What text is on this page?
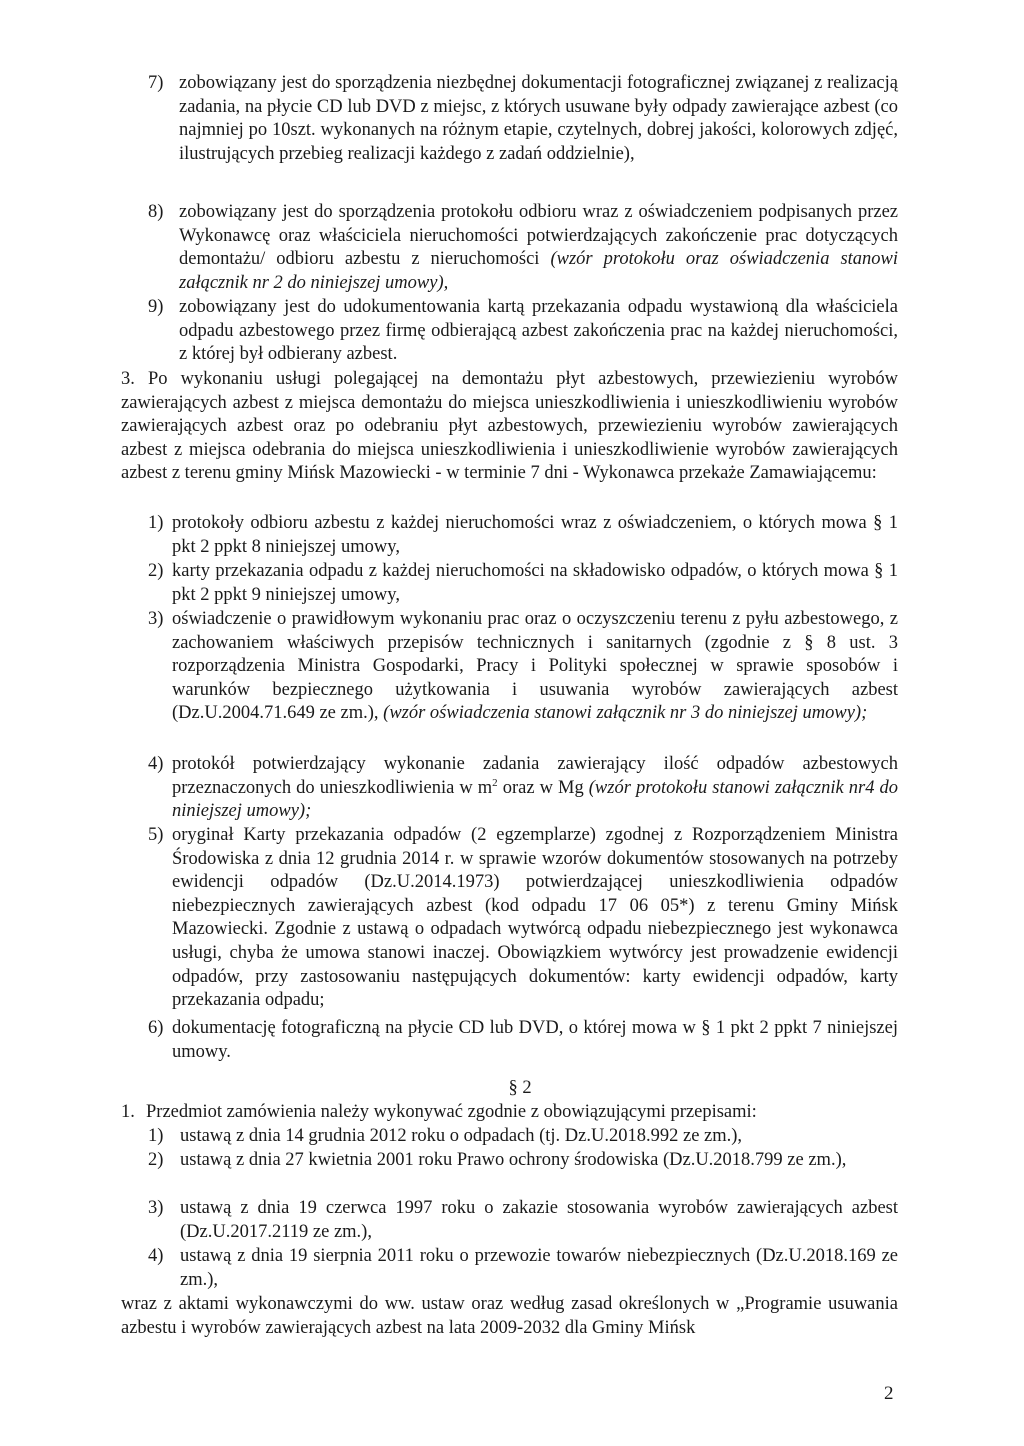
7) zobowiązany jest do sporządzenia niezbędnej dokumentacji fotograficznej związanej z realizacją zadania, na płycie CD lub DVD z miejsc, z których usuwane były odpady zawierające azbest (co najmniej po 10szt. wykonanych na różnym etapie, czytelnych, dobrej jakości, kolorowych zdjęć, ilustrujących przebieg realizacji każdego z zadań oddzielnie),

8) zobowiązany jest do sporządzenia protokołu odbioru wraz z oświadczeniem podpisanych przez Wykonawcę oraz właściciela nieruchomości potwierdzających zakończenie prac dotyczących demontażu/ odbioru azbestu z nieruchomości (wzór protokołu oraz oświadczenia stanowi załącznik nr 2 do niniejszej umowy),

9) zobowiązany jest do udokumentowania kartą przekazania odpadu wystawioną dla właściciela odpadu azbestowego przez firmę odbierającą azbest zakończenia prac na każdej nieruchomości, z której był odbierany azbest.

3. Po wykonaniu usługi polegającej na demontażu płyt azbestowych, przewiezieniu wyrobów zawierających azbest z miejsca demontażu do miejsca unieszkodliwienia i unieszkodliwieniu wyrobów zawierających azbest oraz po odebraniu płyt azbestowych, przewiezieniu wyrobów zawierających azbest z miejsca odebrania do miejsca unieszkodliwienia i unieszkodliwienie wyrobów zawierających azbest z terenu gminy Mińsk Mazowiecki - w terminie 7 dni - Wykonawca przekaże Zamawiającemu:

1) protokoły odbioru azbestu z każdej nieruchomości wraz z oświadczeniem, o których mowa § 1 pkt 2 ppkt 8 niniejszej umowy,

2) karty przekazania odpadu z każdej nieruchomości na składowisko odpadów, o których mowa § 1 pkt 2 ppkt 9 niniejszej umowy,

3) oświadczenie o prawidłowym wykonaniu prac oraz o oczyszczeniu terenu z pyłu azbestowego, z zachowaniem właściwych przepisów technicznych i sanitarnych (zgodnie z § 8 ust. 3 rozporządzenia Ministra Gospodarki, Pracy i Polityki społecznej w sprawie sposobów i warunków bezpiecznego użytkowania i usuwania wyrobów zawierających azbest (Dz.U.2004.71.649 ze zm.), (wzór oświadczenia stanowi załącznik nr 3 do niniejszej umowy);

4) protokół potwierdzający wykonanie zadania zawierający ilość odpadów azbestowych przeznaczonych do unieszkodliwienia w $m^2$ oraz w Mg (wzór protokołu stanowi załącznik nr4 do niniejszej umowy);

5) oryginał Karty przekazania odpadów (2 egzemplarze) zgodnej z Rozporządzeniem Ministra Środowiska z dnia 12 grudnia 2014 r. w sprawie wzorów dokumentów stosowanych na potrzeby ewidencji odpadów (Dz.U.2014.1973) potwierdzającej unieszkodliwienia odpadów niebezpiecznych zawierających azbest (kod odpadu 17 06 05*) z terenu Gminy Mińsk Mazowiecki. Zgodnie z ustawą o odpadach wytwórcą odpadu niebezpiecznego jest wykonawca usługi, chyba że umowa stanowi inaczej. Obowiązkiem wytwórcy jest prowadzenie ewidencji odpadów, przy zastosowaniu następujących dokumentów: karty ewidencji odpadów, karty przekazania odpadu;

6) dokumentację fotograficzną na płycie CD lub DVD, o której mowa w § 1 pkt 2 ppkt 7 niniejszej umowy.

§ 2
1. Przedmiot zamówienia należy wykonywać zgodnie z obowiązującymi przepisami:

1) ustawą z dnia 14 grudnia 2012 roku o odpadach (tj. Dz.U.2018.992 ze zm.),

2) ustawą z dnia 27 kwietnia 2001 roku Prawo ochrony środowiska (Dz.U.2018.799 ze zm.),

3) ustawą z dnia 19 czerwca 1997 roku o zakazie stosowania wyrobów zawierających azbest (Dz.U.2017.2119 ze zm.),

4) ustawą z dnia 19 sierpnia 2011 roku o przewozie towarów niebezpiecznych (Dz.U.2018.169 ze zm.),

wraz z aktami wykonawczymi do ww. ustaw oraz według zasad określonych w „Programie usuwania azbestu i wyrobów zawierających azbest na lata 2009-2032 dla Gminy Mińsk

2
